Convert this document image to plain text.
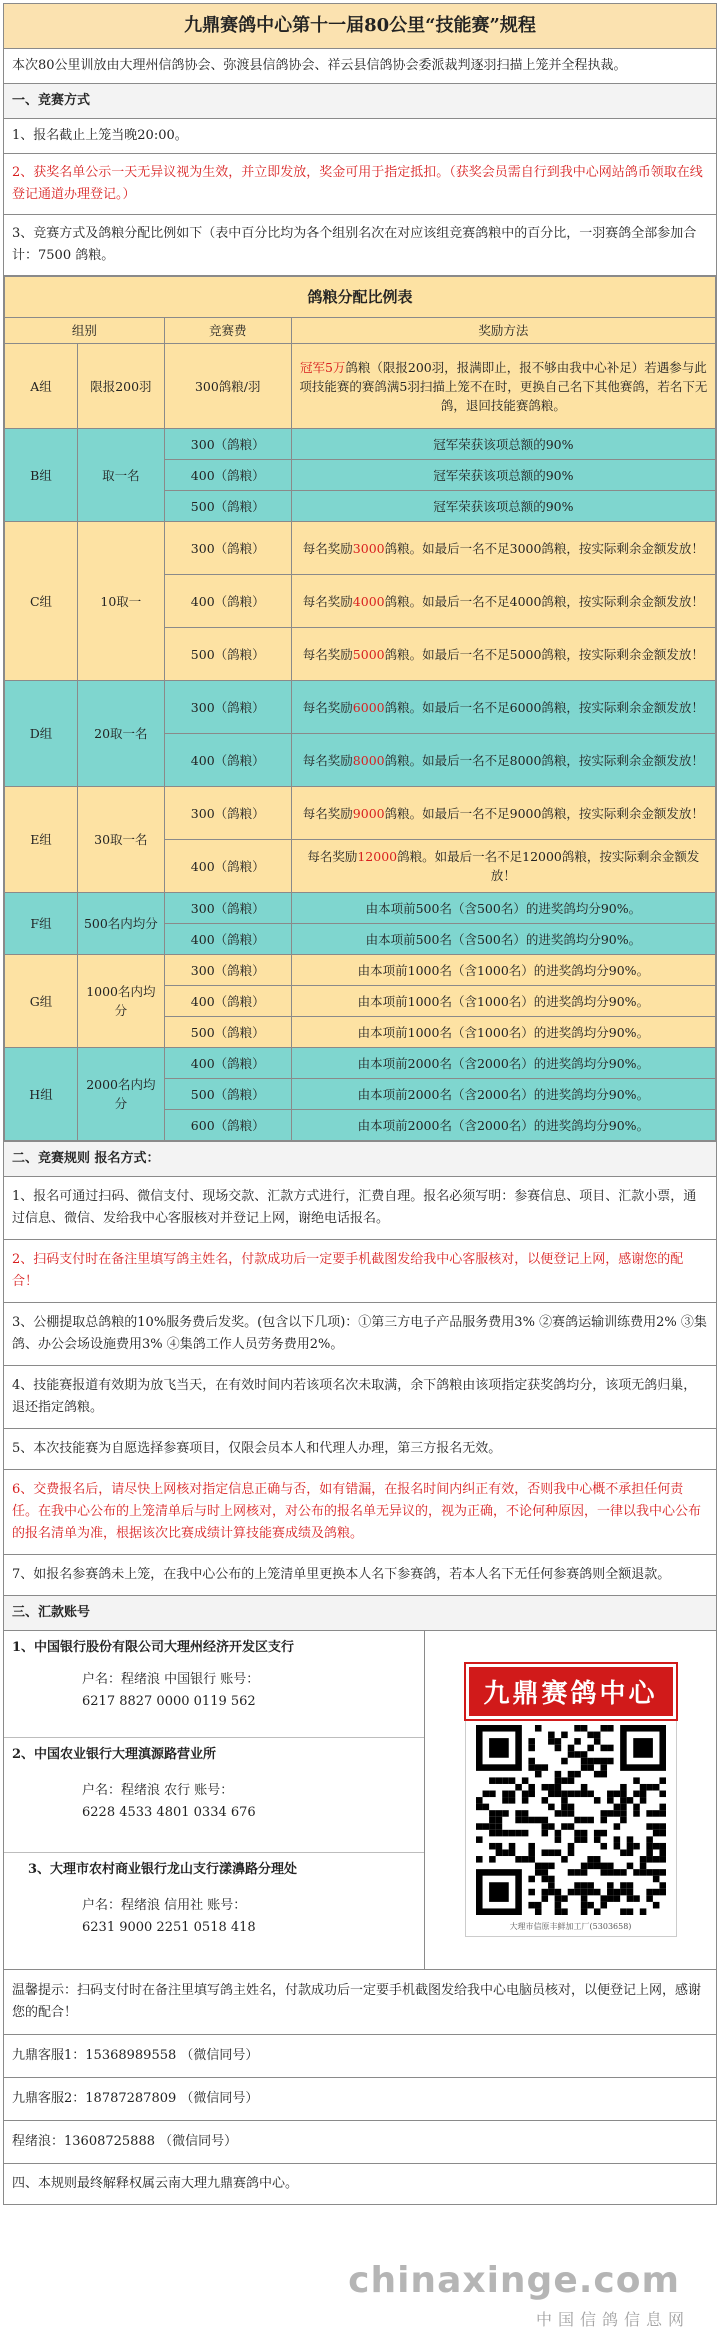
九鼎赛鸽中心第十一届80公里“技能赛”规程
本次80公里训放由大理州信鸽协会、弥渡县信鸽协会、祥云县信鸽协会委派裁判逐羽扫描上笼并全程执裁。
一、竞赛方式
1、报名截止上笼当晚20:00。
2、获奖名单公示一天无异议视为生效，并立即发放，奖金可用于指定抵扣。（获奖会员需自行到我中心网站鸽币领取在线登记通道办理登记。）
3、竞赛方式及鸽粮分配比例如下（表中百分比均为各个组别名次在对应该组竞赛鸽粮中的百分比，一羽赛鸽全部参加合计：7500 鸽粮。
鸽粮分配比例表			
组别		竞赛费	奖励方法
A组	限报200羽	300鸽粮/羽	冠军5万鸽粮（限报200羽，报满即止，报不够由我中心补足）若遇参与此项技能赛的赛鸽满5羽扫描上笼不在时，更换自己名下其他赛鸽，若名下无鸽，退回技能赛鸽粮。
B组	取一名	300（鸽粮）	冠军荣获该项总额的90%
		400（鸽粮）	冠军荣获该项总额的90%
		500（鸽粮）	冠军荣获该项总额的90%
C组	10取一	300（鸽粮）	每名奖励3000鸽粮。如最后一名不足3000鸽粮，按实际剩余金额发放！
		400（鸽粮）	每名奖励4000鸽粮。如最后一名不足4000鸽粮，按实际剩余金额发放！
		500（鸽粮）	每名奖励5000鸽粮。如最后一名不足5000鸽粮，按实际剩余金额发放！
D组	20取一名	300（鸽粮）	每名奖励6000鸽粮。如最后一名不足6000鸽粮，按实际剩余金额发放！
		400（鸽粮）	每名奖励8000鸽粮。如最后一名不足8000鸽粮，按实际剩余金额发放！
E组	30取一名	300（鸽粮）	每名奖励9000鸽粮。如最后一名不足9000鸽粮，按实际剩余金额发放！
		400（鸽粮）	每名奖励12000鸽粮。如最后一名不足12000鸽粮，按实际剩余金额发放！
F组	500名内均分	300（鸽粮）	由本项前500名（含500名）的进奖鸽均分90%。
		400（鸽粮）	由本项前500名（含500名）的进奖鸽均分90%。
G组	1000名内均分	300（鸽粮）	由本项前1000名（含1000名）的进奖鸽均分90%。
		400（鸽粮）	由本项前1000名（含1000名）的进奖鸽均分90%。
		500（鸽粮）	由本项前1000名（含1000名）的进奖鸽均分90%。
H组	2000名内均分	400（鸽粮）	由本项前2000名（含2000名）的进奖鸽均分90%。
		500（鸽粮）	由本项前2000名（含2000名）的进奖鸽均分90%。
		600（鸽粮）	由本项前2000名（含2000名）的进奖鸽均分90%。
二、竞赛规则 报名方式：
1、报名可通过扫码、微信支付、现场交款、汇款方式进行，汇费自理。报名必须写明：参赛信息、项目、汇款小票，通过信息、微信、发给我中心客服核对并登记上网，谢绝电话报名。
2、扫码支付时在备注里填写鸽主姓名，付款成功后一定要手机截图发给我中心客服核对，以便登记上网，感谢您的配合！
3、公棚提取总鸽粮的10%服务费后发奖。(包含以下几项)：①第三方电子产品服务费用3% ②赛鸽运输训练费用2% ③集鸽、办公会场设施费用3% ④集鸽工作人员劳务费用2%。
4、技能赛报道有效期为放飞当天，在有效时间内若该项名次未取满，余下鸽粮由该项指定获奖鸽均分，该项无鸽归巢，退还指定鸽粮。
5、本次技能赛为自愿选择参赛项目，仅限会员本人和代理人办理，第三方报名无效。
6、交费报名后，请尽快上网核对指定信息正确与否，如有错漏，在报名时间内纠正有效，否则我中心概不承担任何责任。在我中心公布的上笼清单后与时上网核对，对公布的报名单无异议的，视为正确，不论何种原因，一律以我中心公布的报名清单为准，根据该次比赛成绩计算技能赛成绩及鸽粮。
7、如报名参赛鸽未上笼，在我中心公布的上笼清单里更换本人名下参赛鸽，若本人名下无任何参赛鸽则全额退款。
三、汇款账号
1、中国银行股份有限公司大理州经济开发区支行
户名：程绪浪 中国银行 账号：
6217 8827 0000 0119 562
2、中国农业银行大理滇源路营业所
户名：程绪浪 农行 账号：
6228 4533 4801 0334 676
3、大理市农村商业银行龙山支行漾濞路分理处
户名：程绪浪 信用社 账号：
6231 9000 2251 0518 418
九鼎赛鸽中心
大理市信原丰鲜加工厂(5303658)
温馨提示：扫码支付时在备注里填写鸽主姓名，付款成功后一定要手机截图发给我中心电脑员核对，以便登记上网，感谢您的配合！
九鼎客服1：15368989558 （微信同号）
九鼎客服2：18787287809 （微信同号）
程绪浪：13608725888 （微信同号）
四、本规则最终解释权属云南大理九鼎赛鸽中心。
chinaxinge.com
中国信鸽信息网
